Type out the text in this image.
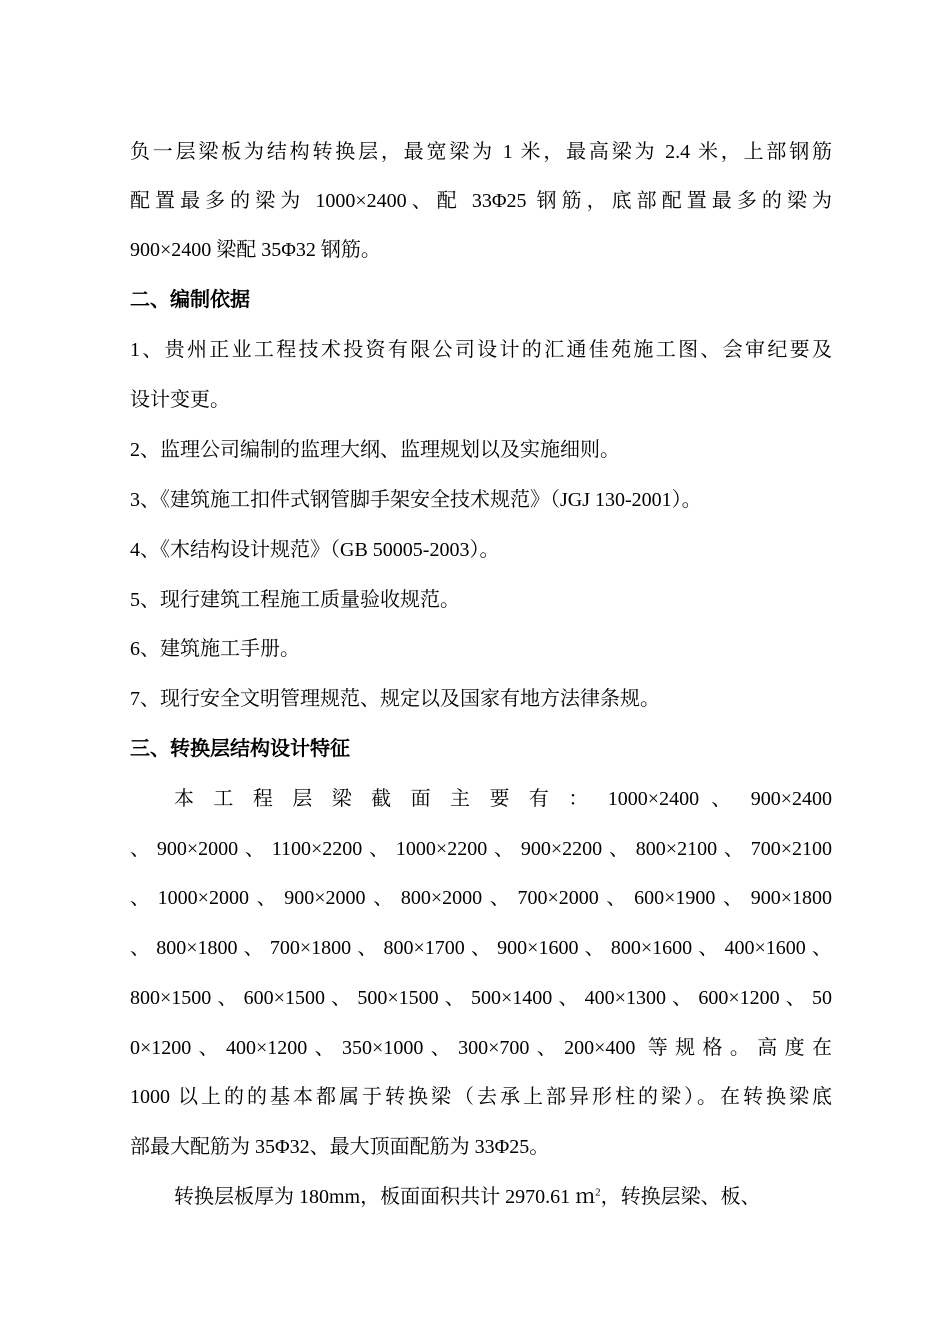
负一层梁板为结构转换层，最宽梁为 1 米，最高梁为 2.4 米，上部钢筋
配置最多的梁为 1000×2400、配 33Φ25 钢筋，底部配置最多的梁为
900×2400 梁配 35Φ32 钢筋。
二、编制依据
1、贵州正业工程技术投资有限公司设计的汇通佳苑施工图、会审纪要及
设计变更。
2、监理公司编制的监理大纲、监理规划以及实施细则。
3、《建筑施工扣件式钢管脚手架安全技术规范》（JGJ 130-2001）。
4、《木结构设计规范》（GB 50005-2003）。
5、现行建筑工程施工质量验收规范。
6、建筑施工手册。
7、现行安全文明管理规范、规定以及国家有地方法律条规。
三、转换层结构设计特征
本 工 程 层 梁 截 面 主 要 有 ： 1000×2400 、 900×2400
、900×2000、1100×2200、1000×2200、900×2200、800×2100、700×2100
、1000×2000、900×2000、800×2000、700×2000、600×1900、900×1800
、800×1800、700×1800、800×1700、900×1600、800×1600、400×1600、
800×1500、600×1500、500×1500、500×1400、400×1300、600×1200、50
0×1200、400×1200、350×1000、300×700、200×400 等规格。高度在
1000 以上的的基本都属于转换梁（去承上部异形柱的梁）。在转换梁底
部最大配筋为 35Φ32、最大顶面配筋为 33Φ25。
转换层板厚为 180mm，板面面积共计 2970.61 ｍ$^2$，转换层梁、板、
